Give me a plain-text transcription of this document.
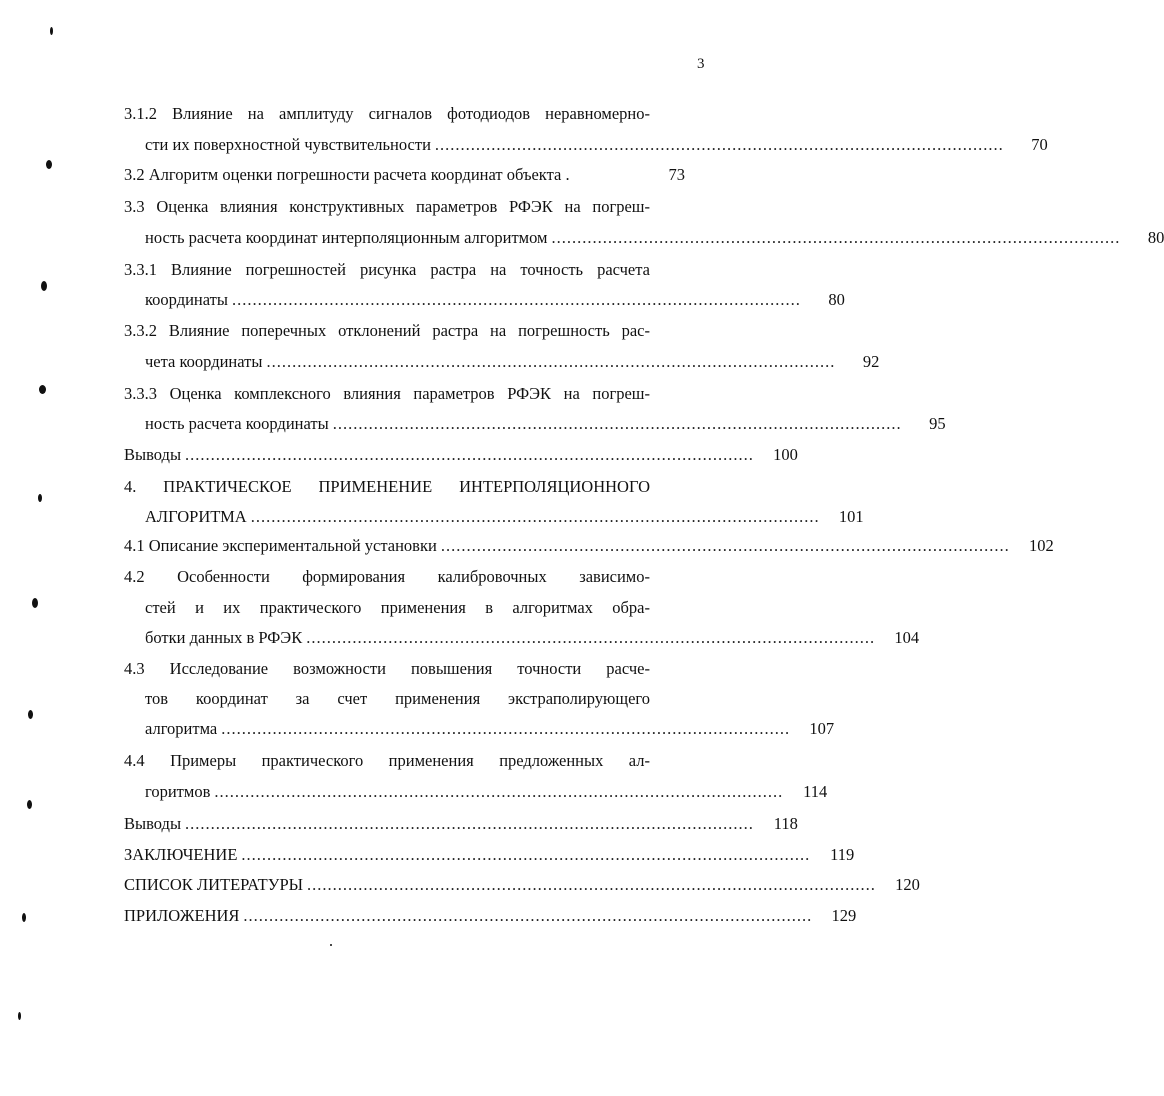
3
3.1.2 Влияние на амплитуду сигналов фотодиодов неравномерно-
сти их поверхностной чувствительности ...............................................................................................................	70
3.2 Алгоритм оценки погрешности расчета координат объекта .	73
3.3 Оценка влияния конструктивных параметров РФЭК на погреш-
ность расчета координат интерполяционным алгоритмом ...............................................................................................................	80
3.3.1 Влияние погрешностей рисунка растра на точность расчета
координаты ...............................................................................................................	80
3.3.2 Влияние поперечных отклонений растра на погрешность рас-
чета координаты ...............................................................................................................	92
3.3.3 Оценка комплексного влияния параметров РФЭК на погреш-
ность расчета координаты ...............................................................................................................	95
Выводы ...............................................................................................................	100
4. ПРАКТИЧЕСКОЕ ПРИМЕНЕНИЕ ИНТЕРПОЛЯЦИОННОГО
АЛГОРИТМА ...............................................................................................................	101
4.1 Описание экспериментальной установки ...............................................................................................................	102
4.2 Особенности формирования калибровочных зависимо-
стей и их практического применения в алгоритмах обра-
ботки данных в РФЭК ...............................................................................................................	104
4.3 Исследование возможности повышения точности расче-
тов координат за счет применения экстраполирующего
алгоритма ...............................................................................................................	107
4.4 Примеры практического применения предложенных ал-
горитмов ...............................................................................................................	114
Выводы ...............................................................................................................	118
ЗАКЛЮЧЕНИЕ ...............................................................................................................	119
СПИСОК ЛИТЕРАТУРЫ ...............................................................................................................	120
ПРИЛОЖЕНИЯ ...............................................................................................................	129
